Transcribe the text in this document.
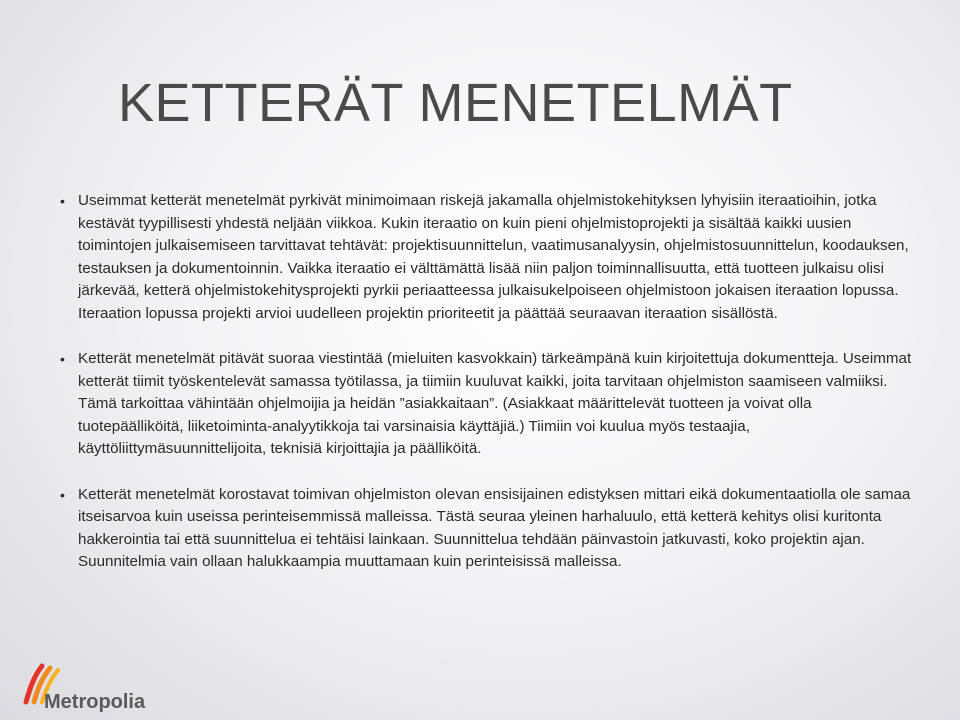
KETTERÄT MENETELMÄT
• Useimmat ketterät menetelmät pyrkivät minimoimaan riskejä jakamalla ohjelmistokehityksen lyhyisiin iteraatioihin, jotka kestävät tyypillisesti yhdestä neljään viikkoa. Kukin iteraatio on kuin pieni ohjelmistoprojekti ja sisältää kaikki uusien toimintojen julkaisemiseen tarvittavat tehtävät: projektisuunnittelun, vaatimusanalyysin, ohjelmistosuunnittelun, koodauksen, testauksen ja dokumentoinnin. Vaikka iteraatio ei välttämättä lisää niin paljon toiminnallisuutta, että tuotteen julkaisu olisi järkevää, ketterä ohjelmistokehitysprojekti pyrkii periaatteessa julkaisukelpoiseen ohjelmistoon jokaisen iteraation lopussa. Iteraation lopussa projekti arvioi uudelleen projektin prioriteetit ja päättää seuraavan iteraation sisällöstä.
• Ketterät menetelmät pitävät suoraa viestintää (mieluiten kasvokkain) tärkeämpänä kuin kirjoitettuja dokumentteja. Useimmat ketterät tiimit työskentelevät samassa työtilassa, ja tiimiin kuuluvat kaikki, joita tarvitaan ohjelmiston saamiseen valmiiksi. Tämä tarkoittaa vähintään ohjelmoijia ja heidän ”asiakkaitaan”. (Asiakkaat määrittelevät tuotteen ja voivat olla tuotepäälliköitä, liiketoiminta-analyytikkoja tai varsinaisia käyttäjiä.) Tiimiin voi kuulua myös testaajia, käyttöliittymäsuunnittelijoita, teknisiä kirjoittajia ja päälliköitä.
• Ketterät menetelmät korostavat toimivan ohjelmiston olevan ensisijainen edistyksen mittari eikä dokumentaatiolla ole samaa itseisarvoa kuin useissa perinteisemmissä malleissa. Tästä seuraa yleinen harhaluulo, että ketterä kehitys olisi kuritonta hakkerointia tai että suunnittelua ei tehtäisi lainkaan. Suunnittelua tehdään päinvastoin jatkuvasti, koko projektin ajan. Suunnitelmia vain ollaan halukkaampia muuttamaan kuin perinteisissä malleissa.
Metropolia
